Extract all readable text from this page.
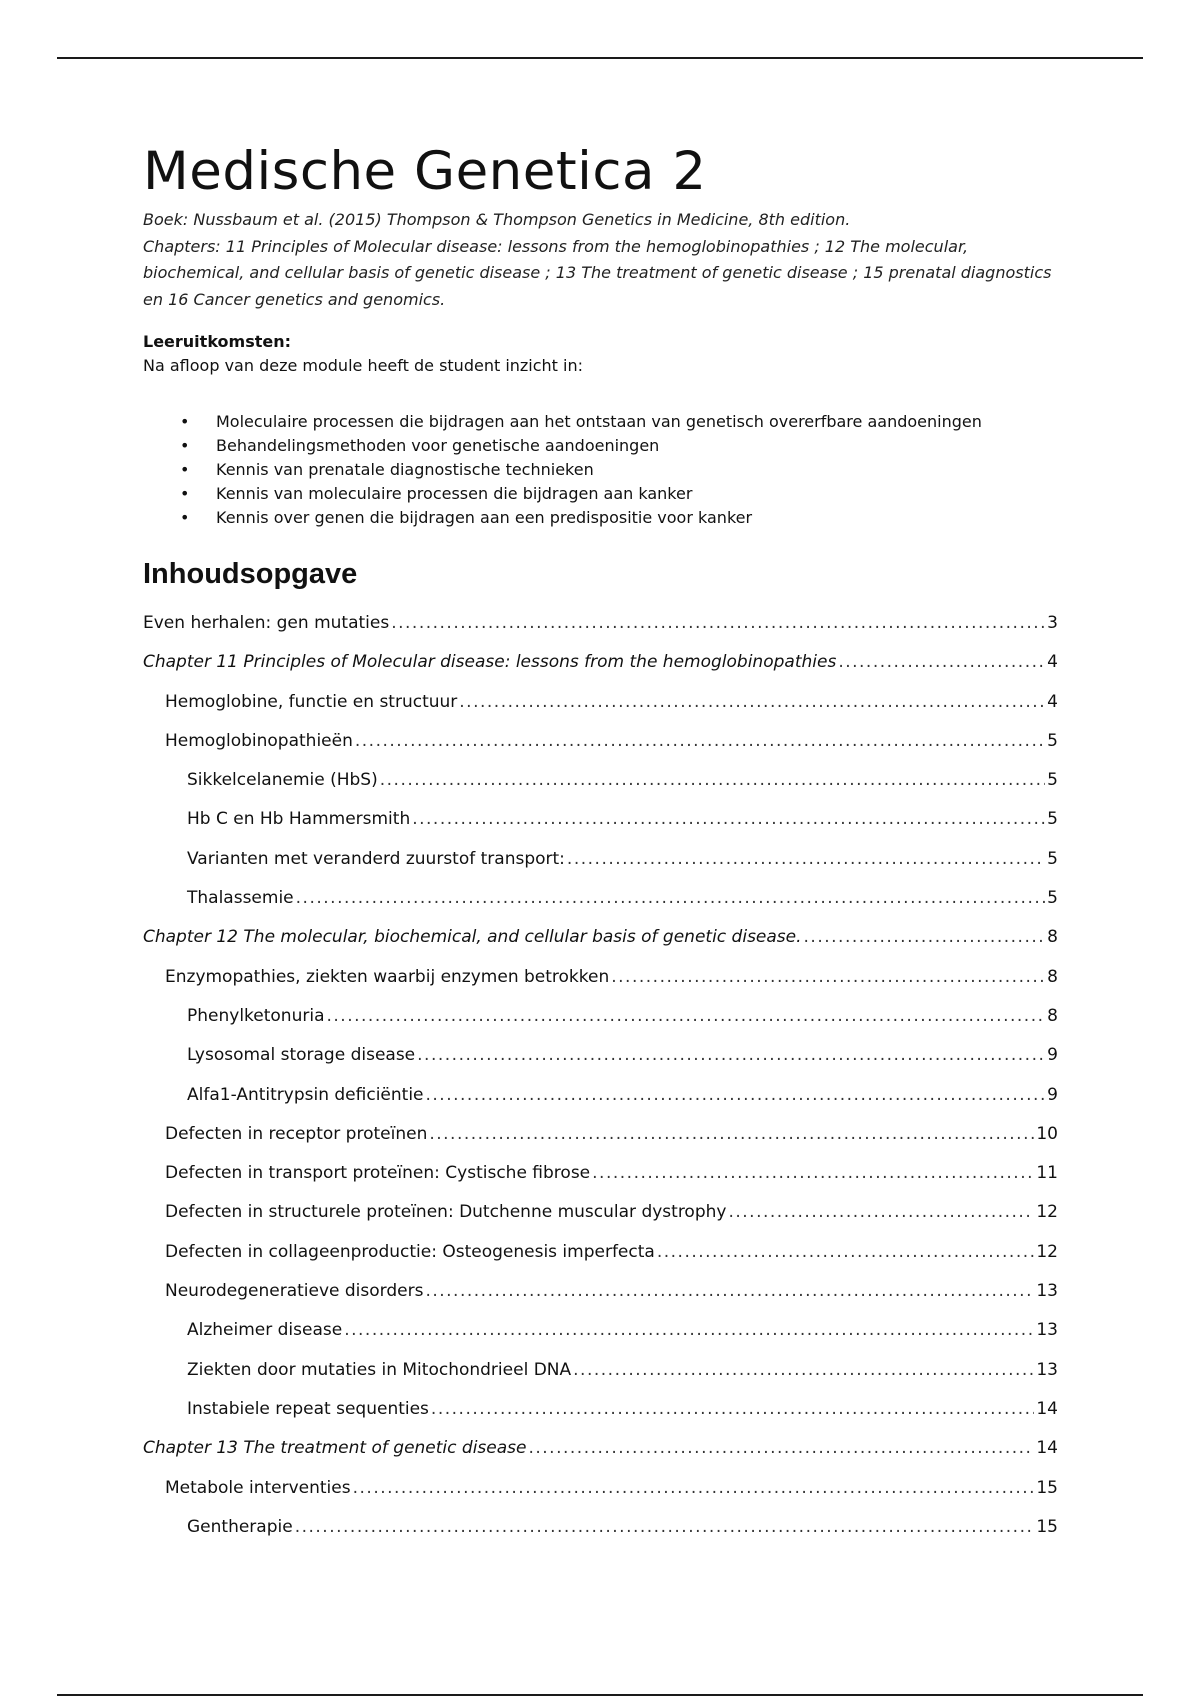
Medische Genetica 2

Boek: Nussbaum et al. (2015) Thompson & Thompson Genetics in Medicine, 8th edition.
Chapters: 11 Principles of Molecular disease: lessons from the hemoglobinopathies ; 12 The molecular, biochemical, and cellular basis of genetic disease ; 13 The treatment of genetic disease ; 15 prenatal diagnostics en 16 Cancer genetics and genomics.

Leeruitkomsten:

Na afloop van deze module heeft de student inzicht in:

• Moleculaire processen die bijdragen aan het ontstaan van genetisch overerfbare aandoeningen
• Behandelingsmethoden voor genetische aandoeningen
• Kennis van prenatale diagnostische technieken
• Kennis van moleculaire processen die bijdragen aan kanker
• Kennis over genen die bijdragen aan een predispositie voor kanker
Inhoudsopgave
Even herhalen: gen mutaties .....	3
Chapter 11 Principles of Molecular disease: lessons from the hemoglobinopathies .....	4
Hemoglobine, functie en structuur .....	4
Hemoglobinopathieën .....	5
Sikkelcelanemie (HbS) .....	5
Hb C en Hb Hammersmith .....	5
Varianten met veranderd zuurstof transport: .....	5
Thalassemie .....	5
Chapter 12 The molecular, biochemical, and cellular basis of genetic disease. .....	8
Enzymopathies, ziekten waarbij enzymen betrokken .....	8
Phenylketonuria .....	8
Lysosomal storage disease .....	9
Alfa1-Antitrypsin deficiëntie .....	9
Defecten in receptor proteïnen .....	10
Defecten in transport proteïnen: Cystische fibrose .....	11
Defecten in structurele proteïnen: Dutchenne muscular dystrophy .....	12
Defecten in collageenproductie: Osteogenesis imperfecta .....	12
Neurodegeneratieve disorders .....	13
Alzheimer disease .....	13
Ziekten door mutaties in Mitochondrieel DNA .....	13
Instabiele repeat sequenties .....	14
Chapter 13 The treatment of genetic disease .....	14
Metabole interventies .....	15
Gentherapie .....	15
